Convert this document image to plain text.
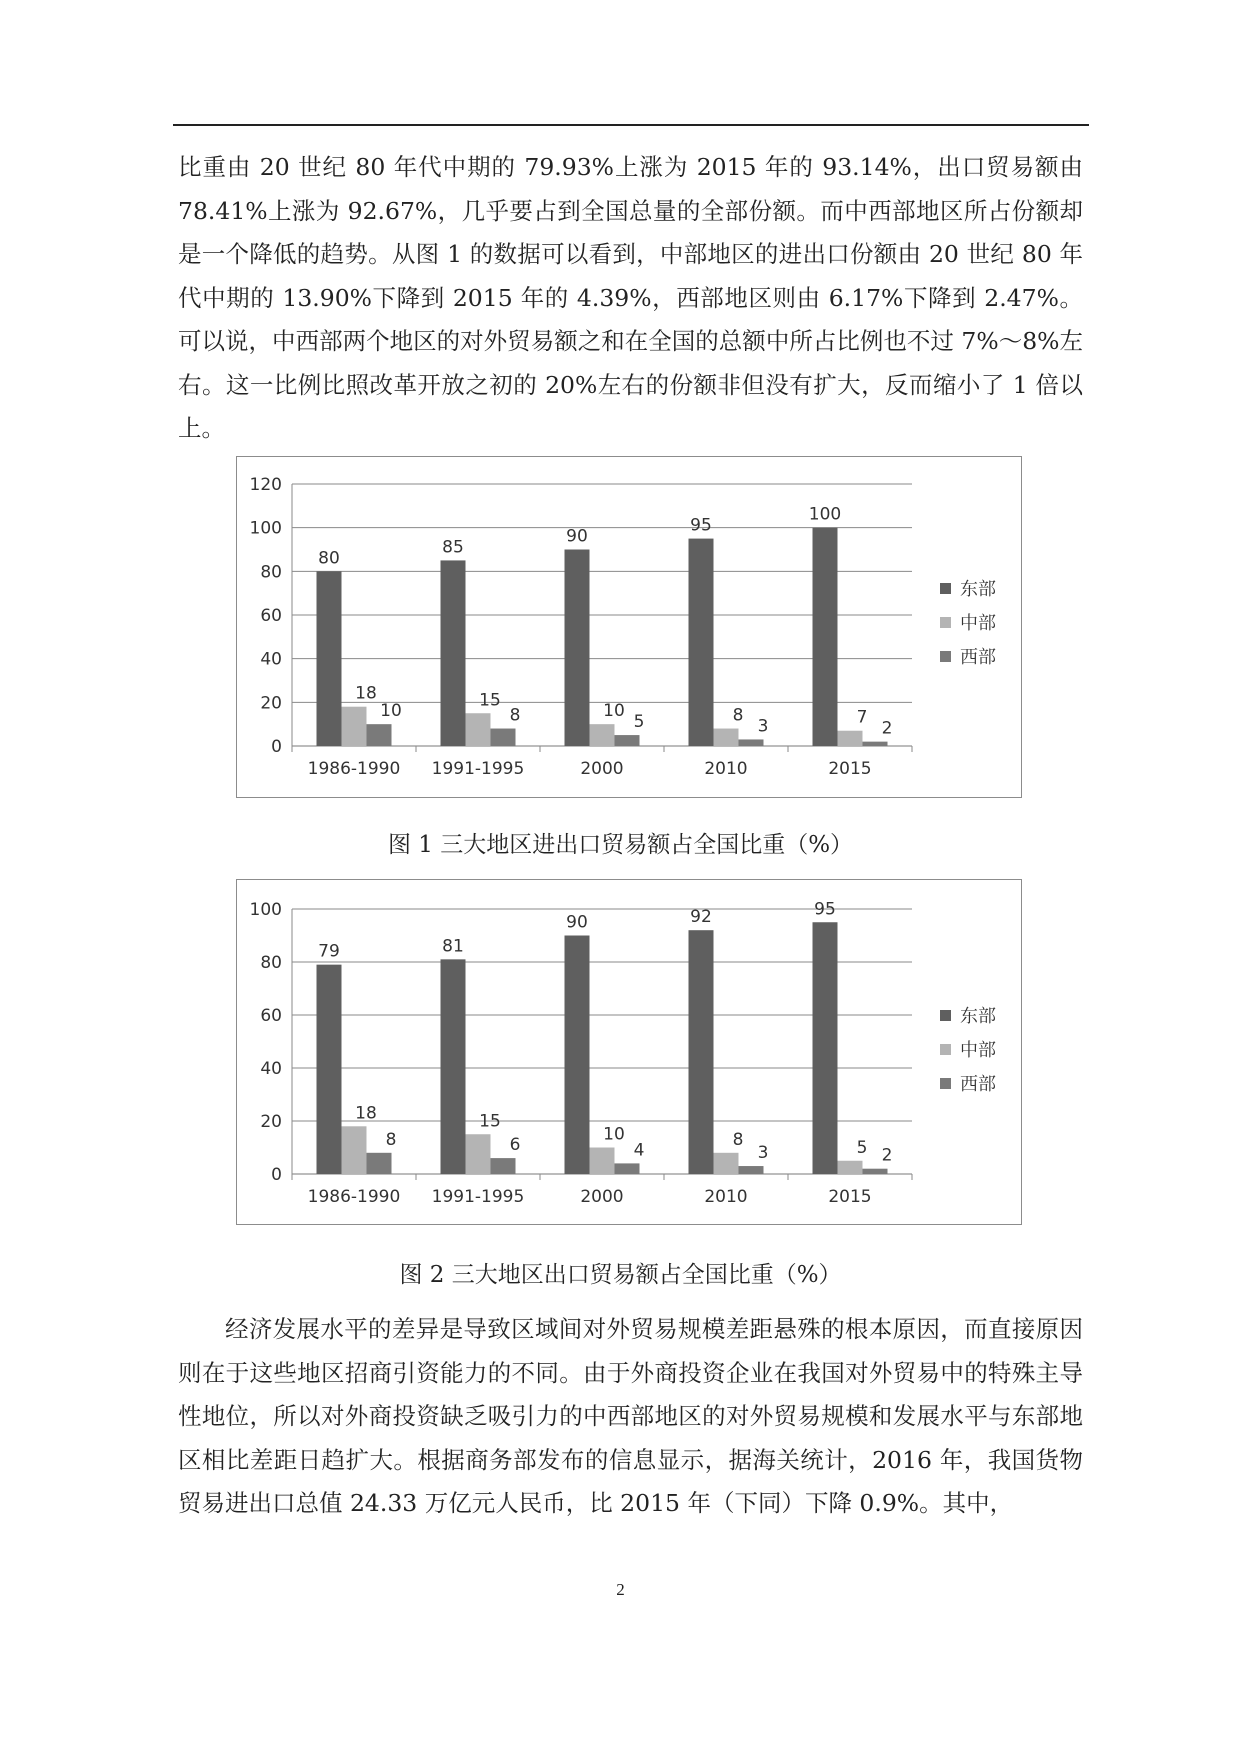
比重由 20 世纪 80 年代中期的 79.93%上涨为 2015 年的 93.14%，出口贸易额由 78.41%上涨为 92.67%，几乎要占到全国总量的全部份额。而中西部地区所占份额却是一个降低的趋势。从图 1 的数据可以看到，中部地区的进出口份额由 20 世纪 80 年代中期的 13.90%下降到 2015 年的 4.39%，西部地区则由 6.17%下降到 2.47%。可以说，中西部两个地区的对外贸易额之和在全国的总额中所占比例也不过 7%～8%左右。这一比例比照改革开放之初的 20%左右的份额非但没有扩大，反而缩小了 1 倍以上。

0
20
40
60
80
100
120
1986-1990
80
18
10
1991-1995
85
15
8
2000
90
10
5
2010
95
8
3
2015
100
7
2
东部
中部
西部
图 1 三大地区进出口贸易额占全国比重（%）
0
20
40
60
80
100
1986-1990
79
18
8
1991-1995
81
15
6
2000
90
10
4
2010
92
8
3
2015
95
5 2
东部
中部
西部
图 2 三大地区出口贸易额占全国比重（%）

经济发展水平的差异是导致区域间对外贸易规模差距悬殊的根本原因，而直接原因则在于这些地区招商引资能力的不同。由于外商投资企业在我国对外贸易中的特殊主导性地位，所以对外商投资缺乏吸引力的中西部地区的对外贸易规模和发展水平与东部地区相比差距日趋扩大。根据商务部发布的信息显示，据海关统计，2016 年，我国货物贸易进出口总值 24.33 万亿元人民币，比 2015 年（下同）下降 0.9%。其中，

2
